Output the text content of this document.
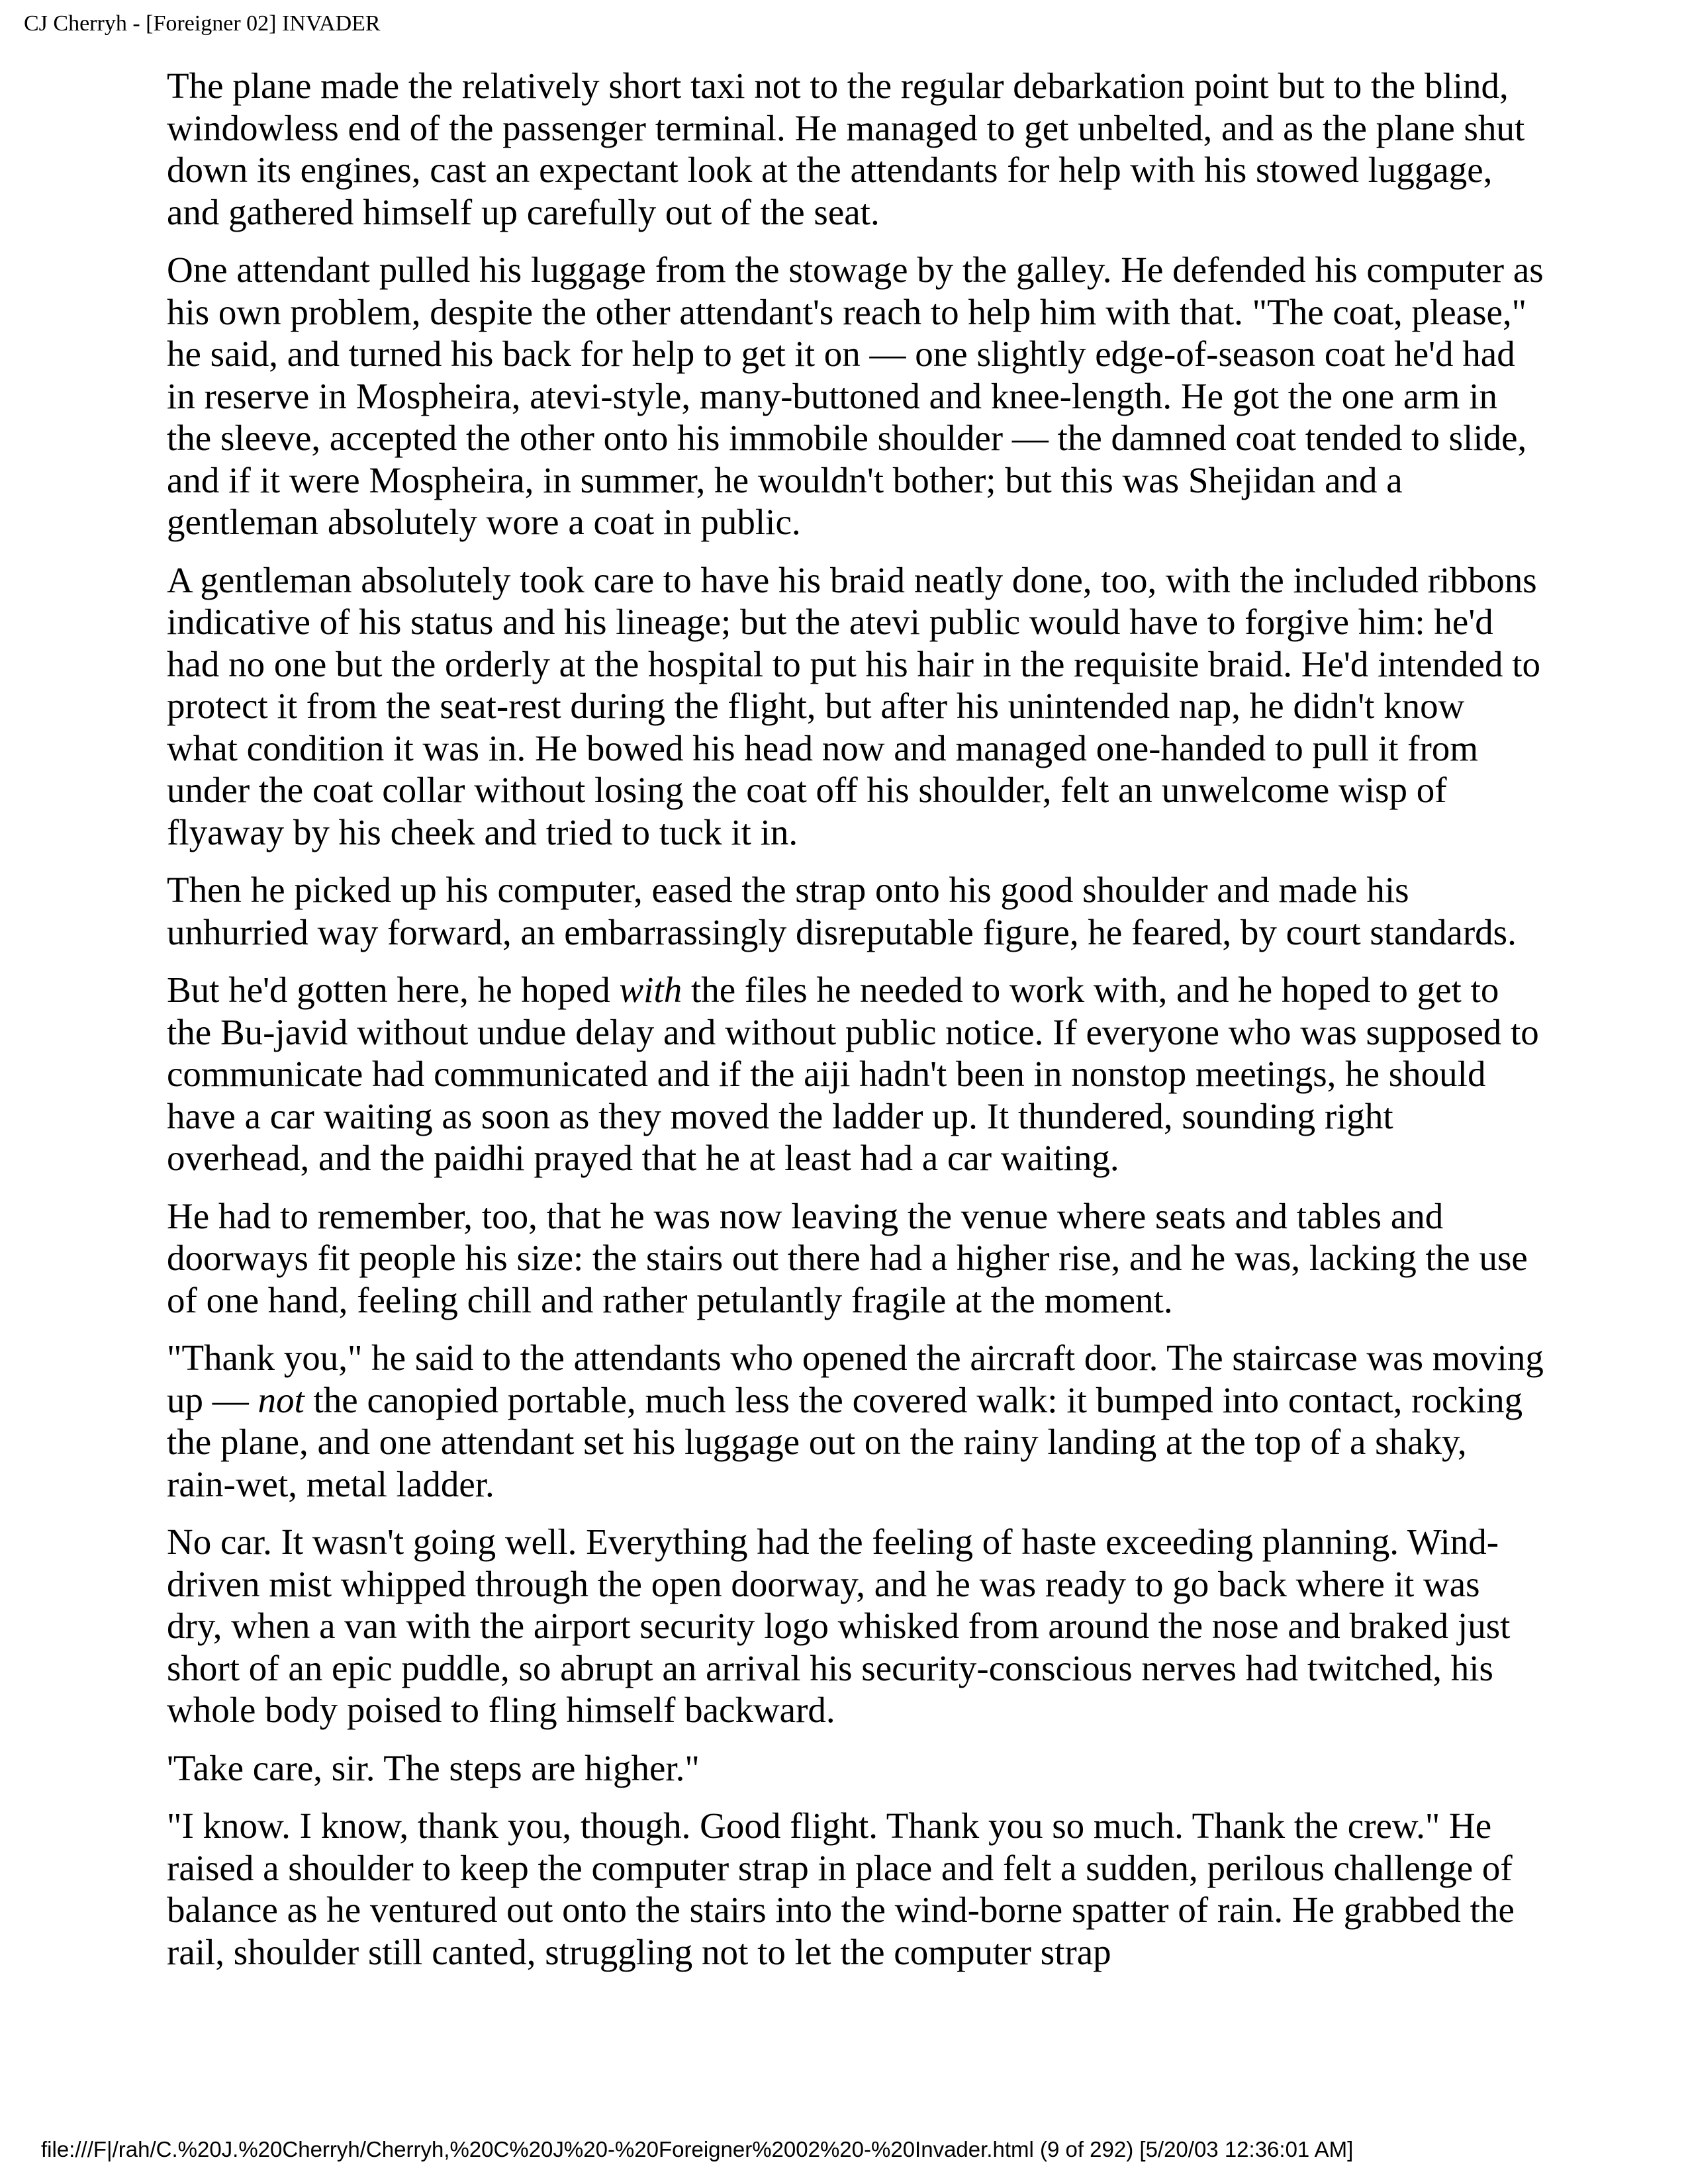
CJ Cherryh - [Foreigner 02] INVADER

The plane made the relatively short taxi not to the regular debarkation point but to the blind, windowless end of the passenger terminal. He managed to get unbelted, and as the plane shut down its engines, cast an expectant look at the attendants for help with his stowed luggage, and gathered himself up carefully out of the seat.

One attendant pulled his luggage from the stowage by the galley. He defended his computer as his own problem, despite the other attendant's reach to help him with that. "The coat, please," he said, and turned his back for help to get it on — one slightly edge-of-season coat he'd had in reserve in Mospheira, atevi-style, many-buttoned and knee-length. He got the one arm in the sleeve, accepted the other onto his immobile shoulder — the damned coat tended to slide, and if it were Mospheira, in summer, he wouldn't bother; but this was Shejidan and a gentleman absolutely wore a coat in public.

A gentleman absolutely took care to have his braid neatly done, too, with the included ribbons indicative of his status and his lineage; but the atevi public would have to forgive him: he'd had no one but the orderly at the hospital to put his hair in the requisite braid. He'd intended to protect it from the seat-rest during the flight, but after his unintended nap, he didn't know what condition it was in. He bowed his head now and managed one-handed to pull it from under the coat collar without losing the coat off his shoulder, felt an unwelcome wisp of flyaway by his cheek and tried to tuck it in.

Then he picked up his computer, eased the strap onto his good shoulder and made his unhurried way forward, an embarrassingly disreputable figure, he feared, by court standards.

But he'd gotten here, he hoped with the files he needed to work with, and he hoped to get to the Bu-javid without undue delay and without public notice. If everyone who was supposed to communicate had communicated and if the aiji hadn't been in nonstop meetings, he should have a car waiting as soon as they moved the ladder up. It thundered, sounding right overhead, and the paidhi prayed that he at least had a car waiting.

He had to remember, too, that he was now leaving the venue where seats and tables and doorways fit people his size: the stairs out there had a higher rise, and he was, lacking the use of one hand, feeling chill and rather petulantly fragile at the moment.

"Thank you," he said to the attendants who opened the aircraft door. The staircase was moving up — not the canopied portable, much less the covered walk: it bumped into contact, rocking the plane, and one attendant set his luggage out on the rainy landing at the top of a shaky, rain-wet, metal ladder.

No car. It wasn't going well. Everything had the feeling of haste exceeding planning. Wind-driven mist whipped through the open doorway, and he was ready to go back where it was dry, when a van with the airport security logo whisked from around the nose and braked just short of an epic puddle, so abrupt an arrival his security-conscious nerves had twitched, his whole body poised to fling himself backward.

'Take care, sir. The steps are higher."

"I know. I know, thank you, though. Good flight. Thank you so much. Thank the crew." He raised a shoulder to keep the computer strap in place and felt a sudden, perilous challenge of balance as he ventured out onto the stairs into the wind-borne spatter of rain. He grabbed the rail, shoulder still canted, struggling not to let the computer strap

file:///F|/rah/C.%20J.%20Cherryh/Cherryh,%20C%20J%20-%20Foreigner%2002%20-%20Invader.html (9 of 292) [5/20/03 12:36:01 AM]
